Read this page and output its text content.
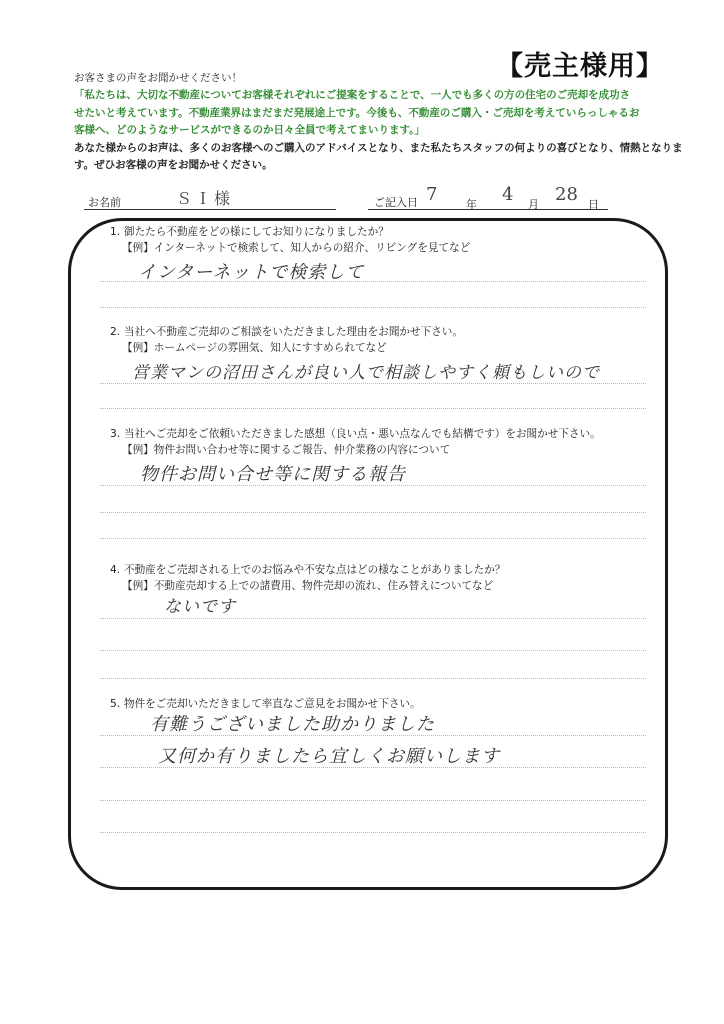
【売主様用】
お客さまの声をお聞かせください！
「私たちは、大切な不動産についてお客様それぞれにご提案をすることで、一人でも多くの方の住宅のご売却を成功さ
せたいと考えています。不動産業界はまだまだ発展途上です。今後も、不動産のご購入・ご売却を考えていらっしゃるお
客様へ、どのようなサービスができるのか日々全員で考えてまいります。」
あなた様からのお声は、多くのお客様へのご購入のアドバイスとなり、また私たちスタッフの何よりの喜びとなり、情熱となりま
す。ぜひお客様の声をお聞かせください。
お名前	ＳＩ様	ご記入日 7	年 4 月 28 日
1. 御たたら不動産をどの様にしてお知りになりましたか？
【例】インターネットで検索して、知人からの紹介、リビングを見てなど
インターネットで検索して
2. 当社へ不動産ご売却のご相談をいただきました理由をお聞かせ下さい。
【例】ホームページの雰囲気、知人にすすめられてなど
営業マンの沼田さんが良い人で相談しやすく頼もしいので
3. 当社へご売却をご依頼いただきました感想（良い点・悪い点なんでも結構です）をお聞かせ下さい。
【例】物件お問い合わせ等に関するご報告、仲介業務の内容について
物件お問い合せ等に関する報告
4. 不動産をご売却される上でのお悩みや不安な点はどの様なことがありましたか？
【例】不動産売却する上での諸費用、物件売却の流れ、住み替えについてなど
ないです
5. 物件をご売却いただきまして率直なご意見をお聞かせ下さい。
有難うございました助かりました
又何か有りましたら宜しくお願いします
